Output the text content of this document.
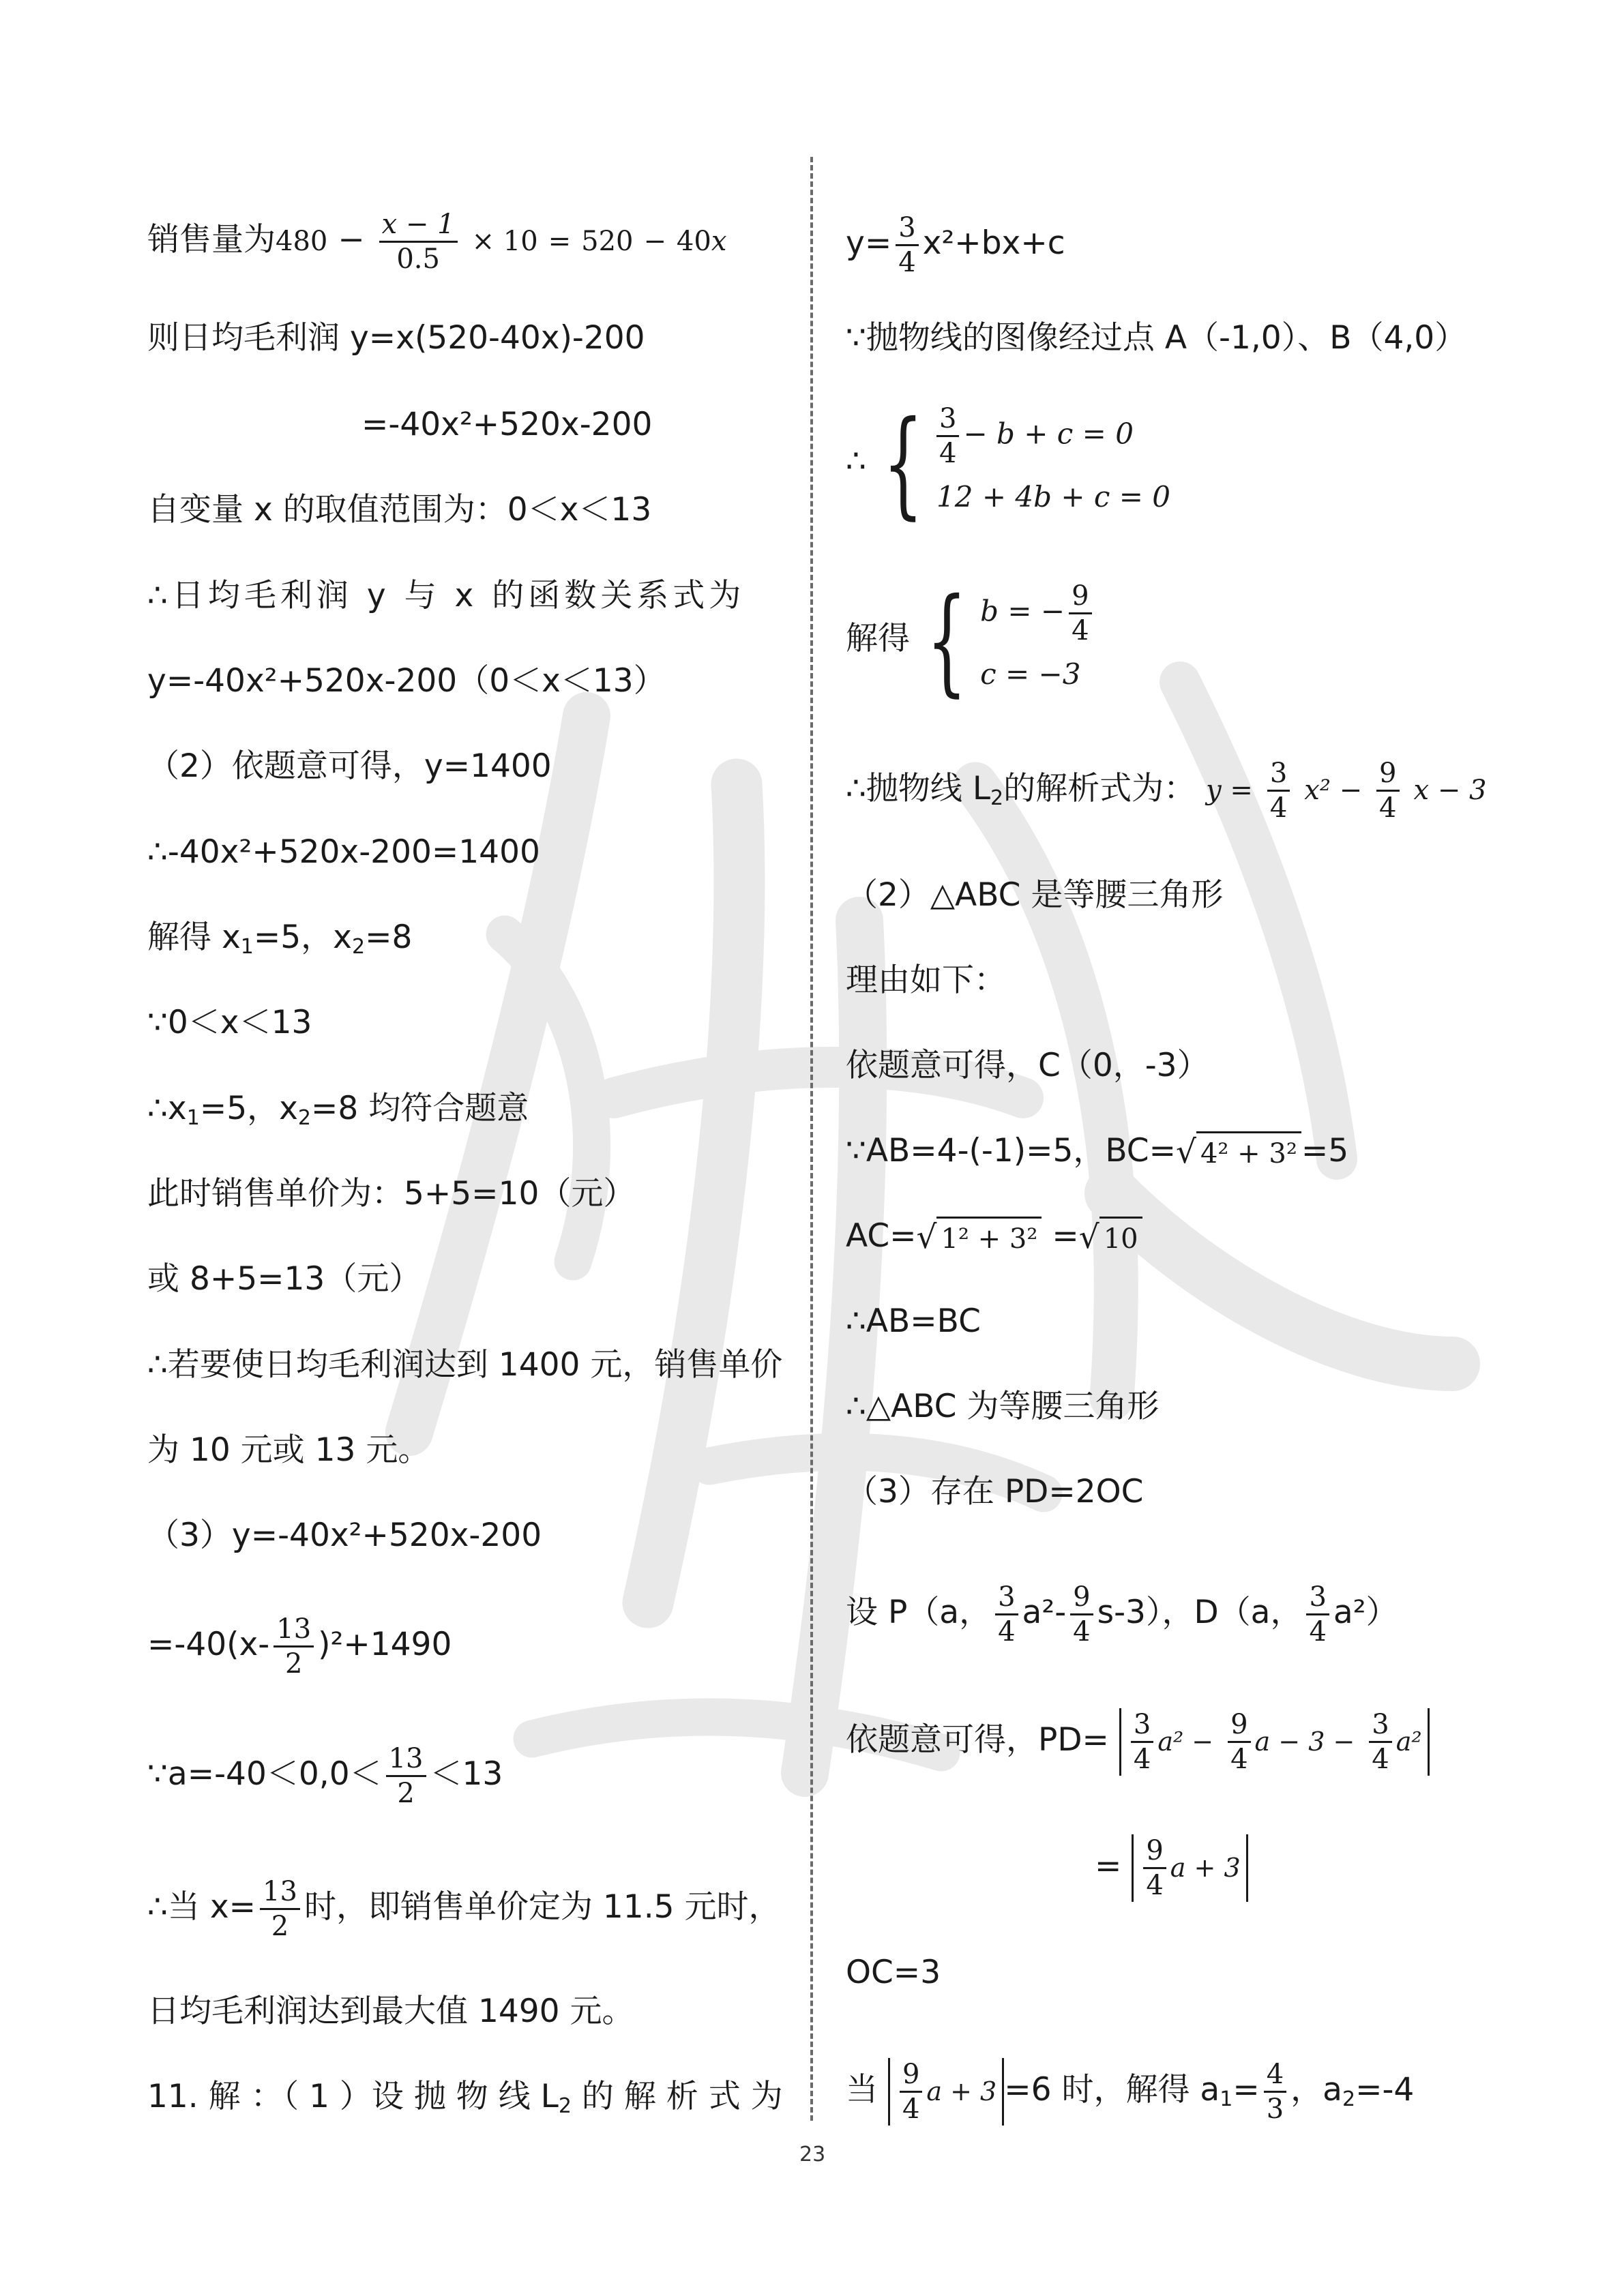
销售量为$480 - \frac{x - 1}{0.5} \times 10 = 520 - 40x$
则日均毛利润 y=x(520-40x)-200
=-40x²+520x-200
自变量 x 的取值范围为：0＜x＜13
∴日均毛利润 y 与 x 的函数关系式为
y=-40x²+520x-200（0＜x＜13）
（2）依题意可得，y=1400
∴-40x²+520x-200=1400
解得 $x_1=5$，$x_2=8$
∵0＜x＜13
$\therefore x_1=5$，$x_2=8$ 均符合题意
此时销售单价为：5+5=10（元）
或 8+5=13（元）
∴若要使日均毛利润达到 1400 元，销售单价
为 10 元或 13 元。
（3）y=-40x²+520x-200
$=-40(x- \frac{13}{2} )^2+1490$
∵a=-40＜0,0＜ $\frac{13}{2} <13$
∴当 $x= \frac{13}{2}$ 时，即销售单价定为 11.5 元时，
日均毛利润达到最大值 1490 元。
11. 解 ：（ 1 ）设 抛 物 线 $L_2$ 的 解 析 式 为
$y= \frac{3}{4} x^2+bx+c$
∵抛物线的图像经过点 A（-1,0）、B（4,0）
∴ { $\frac{3}{4} - b + c = 0$
12 + 4b + c = 0
解得 { b = − $\frac{9}{4}$
c = −3
∴抛物线 $L_2$的解析式为： $y = \frac{3}{4} x^2 - \frac{9}{4}$ x − 3
（2）△ABC 是等腰三角形
理由如下：
依题意可得，C（0，-3）
∵AB=4-(-1)=5，BC=√ 4² + 3² =5
AC=√ 1² + 3² =√ 10
∴AB=BC
∴△ABC 为等腰三角形
（3）存在 PD=2OC
设 P（a， $\frac{3}{4} a^2- \frac{9}{4} s-3$），D（a， $\frac{3}{4} a^2$）
依题意可得，$PD= \frac{3}{4} a^2 - \frac{9}{4}$ $a - 3 - \frac{3}{4} a^2$
= $\frac{9}{4}$ a + 3
OC=3
当 $\frac{9}{4}$ a + 3 =6 时，解得 $a_1= \frac{4}{3}$ ，$a_2=-4$
23
